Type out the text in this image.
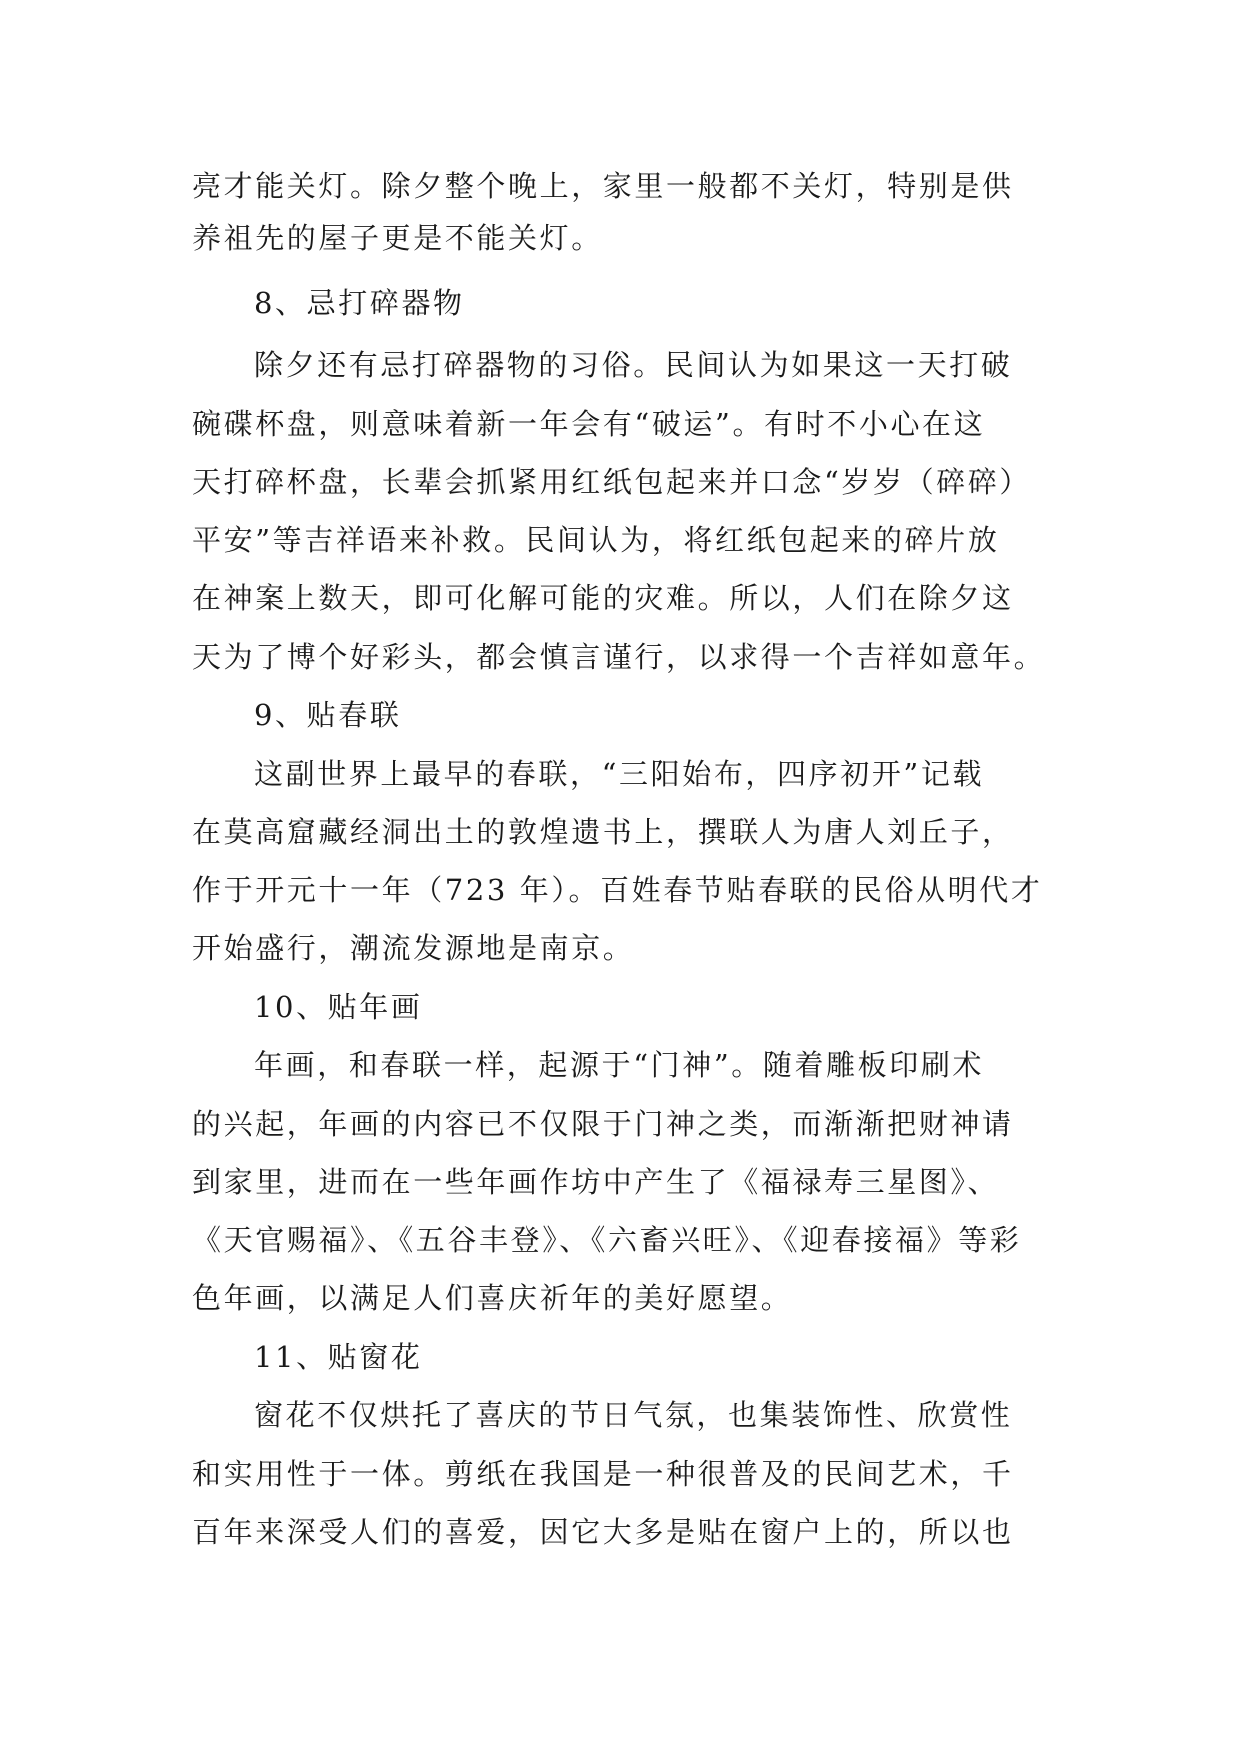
亮才能关灯。除夕整个晚上，家里一般都不关灯，特别是供
养祖先的屋子更是不能关灯。
8、忌打碎器物
除夕还有忌打碎器物的习俗。民间认为如果这一天打破
碗碟杯盘，则意味着新一年会有“破运”。有时不小心在这
天打碎杯盘，长辈会抓紧用红纸包起来并口念“岁岁（碎碎）
平安”等吉祥语来补救。民间认为，将红纸包起来的碎片放
在神案上数天，即可化解可能的灾难。所以，人们在除夕这
天为了博个好彩头，都会慎言谨行，以求得一个吉祥如意年。
9、贴春联
这副世界上最早的春联，“三阳始布，四序初开”记载
在莫高窟藏经洞出土的敦煌遗书上，撰联人为唐人刘丘子，
作于开元十一年（723 年）。百姓春节贴春联的民俗从明代才
开始盛行，潮流发源地是南京。
10、贴年画
年画，和春联一样，起源于“门神”。随着雕板印刷术
的兴起，年画的内容已不仅限于门神之类，而渐渐把财神请
到家里，进而在一些年画作坊中产生了《福禄寿三星图》、
《天官赐福》、《五谷丰登》、《六畜兴旺》、《迎春接福》等彩
色年画，以满足人们喜庆祈年的美好愿望。
11、贴窗花
窗花不仅烘托了喜庆的节日气氛，也集装饰性、欣赏性
和实用性于一体。剪纸在我国是一种很普及的民间艺术，千
百年来深受人们的喜爱，因它大多是贴在窗户上的，所以也
